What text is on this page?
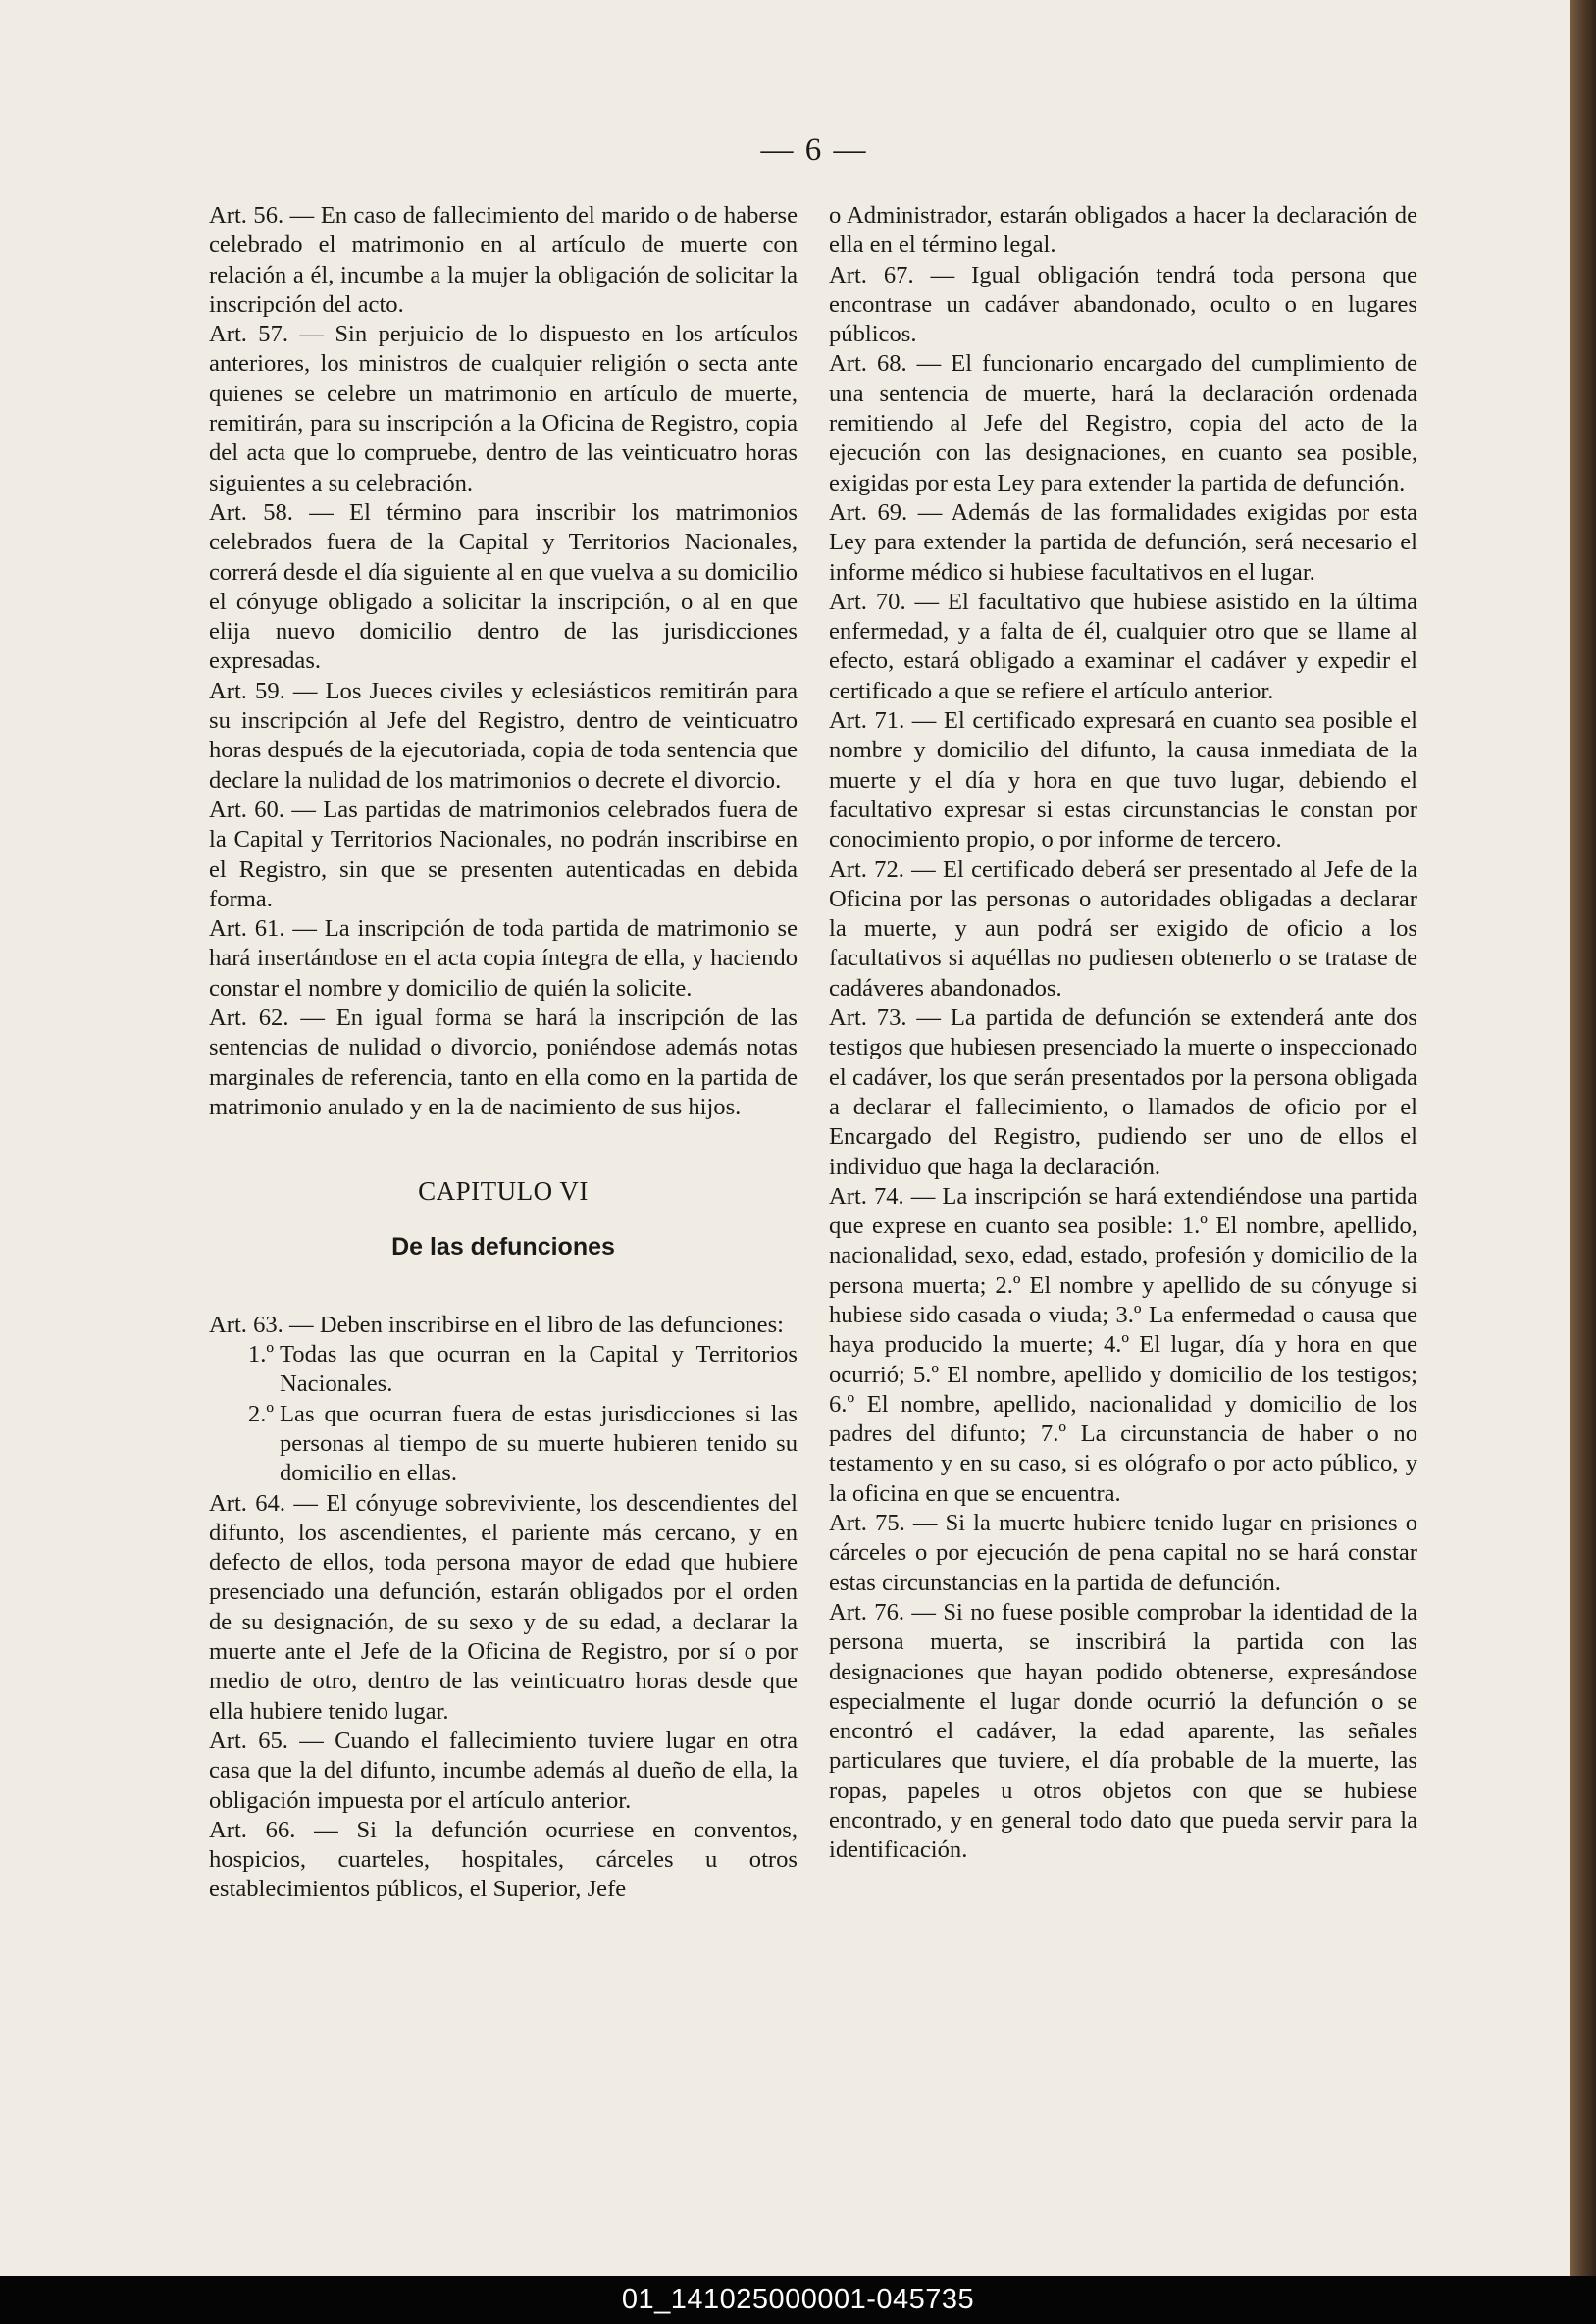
— 6 —

Art. 56. — En caso de fallecimiento del marido o de haberse celebrado el matrimonio en al artículo de muerte con relación a él, incumbe a la mujer la obligación de solicitar la inscripción del acto.

Art. 57. — Sin perjuicio de lo dispuesto en los artículos anteriores, los ministros de cualquier religión o secta ante quienes se celebre un matrimonio en artículo de muerte, remitirán, para su inscripción a la Oficina de Registro, copia del acta que lo compruebe, dentro de las veinticuatro horas siguientes a su celebración.

Art. 58. — El término para inscribir los matrimonios celebrados fuera de la Capital y Territorios Nacionales, correrá desde el día siguiente al en que vuelva a su domicilio el cónyuge obligado a solicitar la inscripción, o al en que elija nuevo domicilio dentro de las jurisdicciones expresadas.

Art. 59. — Los Jueces civiles y eclesiásticos remitirán para su inscripción al Jefe del Registro, dentro de veinticuatro horas después de la ejecutoriada, copia de toda sentencia que declare la nulidad de los matrimonios o decrete el divorcio.

Art. 60. — Las partidas de matrimonios celebrados fuera de la Capital y Territorios Nacionales, no podrán inscribirse en el Registro, sin que se presenten autenticadas en debida forma.

Art. 61. — La inscripción de toda partida de matrimonio se hará insertándose en el acta copia íntegra de ella, y haciendo constar el nombre y domicilio de quién la solicite.

Art. 62. — En igual forma se hará la inscripción de las sentencias de nulidad o divorcio, poniéndose además notas marginales de referencia, tanto en ella como en la partida de matrimonio anulado y en la de nacimiento de sus hijos.

CAPITULO VI
De las defunciones

Art. 63. — Deben inscribirse en el libro de las defunciones:

1.º Todas las que ocurran en la Capital y Territorios Nacionales.
2.º Las que ocurran fuera de estas jurisdicciones si las personas al tiempo de su muerte hubieren tenido su domicilio en ellas.

Art. 64. — El cónyuge sobreviviente, los descendientes del difunto, los ascendientes, el pariente más cercano, y en defecto de ellos, toda persona mayor de edad que hubiere presenciado una defunción, estarán obligados por el orden de su designación, de su sexo y de su edad, a declarar la muerte ante el Jefe de la Oficina de Registro, por sí o por medio de otro, dentro de las veinticuatro horas desde que ella hubiere tenido lugar.

Art. 65. — Cuando el fallecimiento tuviere lugar en otra casa que la del difunto, incumbe además al dueño de ella, la obligación impuesta por el artículo anterior.

Art. 66. — Si la defunción ocurriese en conventos, hospicios, cuarteles, hospitales, cárceles u otros establecimientos públicos, el Superior, Jefe

o Administrador, estarán obligados a hacer la declaración de ella en el término legal.

Art. 67. — Igual obligación tendrá toda persona que encontrase un cadáver abandonado, oculto o en lugares públicos.

Art. 68. — El funcionario encargado del cumplimiento de una sentencia de muerte, hará la declaración ordenada remitiendo al Jefe del Registro, copia del acto de la ejecución con las designaciones, en cuanto sea posible, exigidas por esta Ley para extender la partida de defunción.

Art. 69. — Además de las formalidades exigidas por esta Ley para extender la partida de defunción, será necesario el informe médico si hubiese facultativos en el lugar.

Art. 70. — El facultativo que hubiese asistido en la última enfermedad, y a falta de él, cualquier otro que se llame al efecto, estará obligado a examinar el cadáver y expedir el certificado a que se refiere el artículo anterior.

Art. 71. — El certificado expresará en cuanto sea posible el nombre y domicilio del difunto, la causa inmediata de la muerte y el día y hora en que tuvo lugar, debiendo el facultativo expresar si estas circunstancias le constan por conocimiento propio, o por informe de tercero.

Art. 72. — El certificado deberá ser presentado al Jefe de la Oficina por las personas o autoridades obligadas a declarar la muerte, y aun podrá ser exigido de oficio a los facultativos si aquéllas no pudiesen obtenerlo o se tratase de cadáveres abandonados.

Art. 73. — La partida de defunción se extenderá ante dos testigos que hubiesen presenciado la muerte o inspeccionado el cadáver, los que serán presentados por la persona obligada a declarar el fallecimiento, o llamados de oficio por el Encargado del Registro, pudiendo ser uno de ellos el individuo que haga la declaración.

Art. 74. — La inscripción se hará extendiéndose una partida que exprese en cuanto sea posible: 1.º El nombre, apellido, nacionalidad, sexo, edad, estado, profesión y domicilio de la persona muerta; 2.º El nombre y apellido de su cónyuge si hubiese sido casada o viuda; 3.º La enfermedad o causa que haya producido la muerte; 4.º El lugar, día y hora en que ocurrió; 5.º El nombre, apellido y domicilio de los testigos; 6.º El nombre, apellido, nacionalidad y domicilio de los padres del difunto; 7.º La circunstancia de haber o no testamento y en su caso, si es ológrafo o por acto público, y la oficina en que se encuentra.

Art. 75. — Si la muerte hubiere tenido lugar en prisiones o cárceles o por ejecución de pena capital no se hará constar estas circunstancias en la partida de defunción.

Art. 76. — Si no fuese posible comprobar la identidad de la persona muerta, se inscribirá la partida con las designaciones que hayan podido obtenerse, expresándose especialmente el lugar donde ocurrió la defunción o se encontró el cadáver, la edad aparente, las señales particulares que tuviere, el día probable de la muerte, las ropas, papeles u otros objetos con que se hubiese encontrado, y en general todo dato que pueda servir para la identificación.

01_141025000001-045735
